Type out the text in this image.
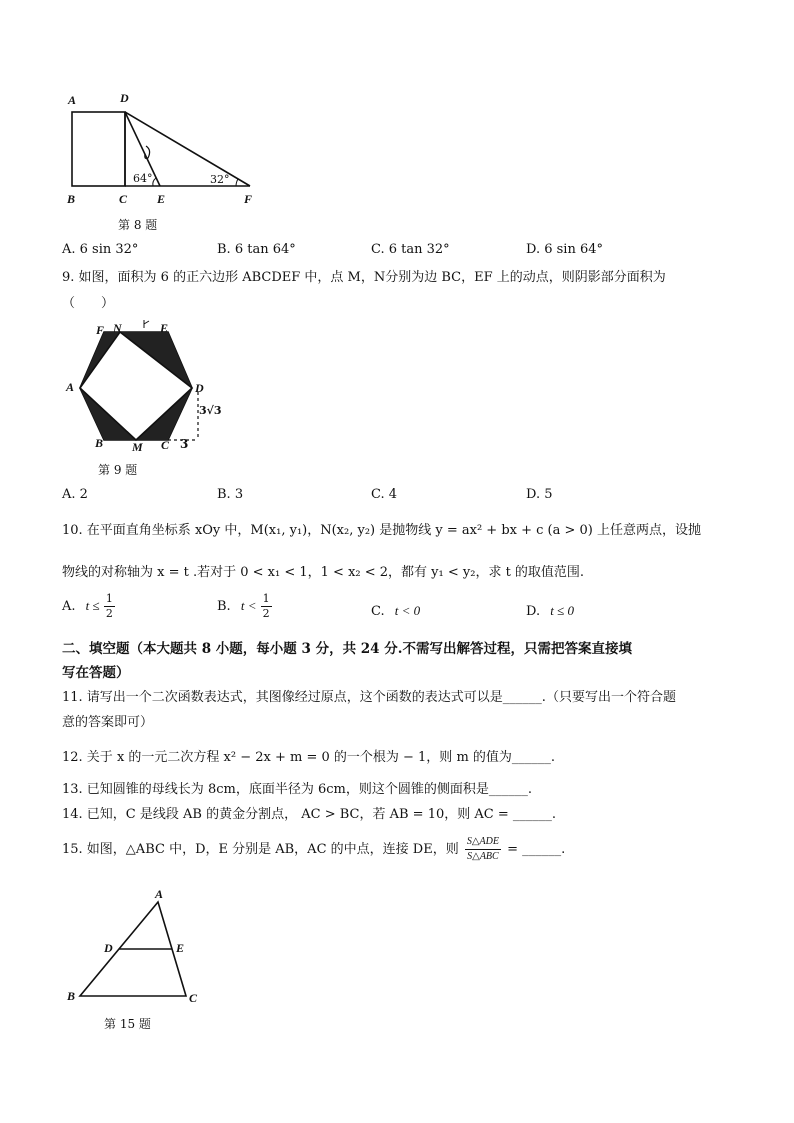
A	D
B	C E	F
64°	32°
第 8 题
A. 6 sin 32°	B. 6 tan 64°	C. 6 tan 32°	D. 6 sin 64°
9. 如图，面积为 6 的正六边形 ABCDEF 中，点 M，N分别为边 BC，EF 上的动点，则阴影部分面积为
（　　）
F N	E
A	D
B M C 3
3√3
第 9 题
A. 2	B. 3	C. 4	D. 5
10. 在平面直角坐标系 xOy 中，M(x₁, y₁)，N(x₂, y₂) 是抛物线 y = ax² + bx + c (a > 0) 上任意两点，设抛
物线的对称轴为 x = t .若对于 0 < x₁ < 1，1 < x₂ < 2，都有 y₁ < y₂，求 t 的取值范围.
A. $t \le \frac{1}{2}$	B. $t < \frac{1}{2}$	C. t < 0	D. t ≤ 0
二、填空题（本大题共 8 小题，每小题 3 分，共 24 分.不需写出解答过程，只需把答案直接填
写在答题）
11. 请写出一个二次函数表达式，其图像经过原点，这个函数的表达式可以是______.（只要写出一个符合题
意的答案即可）
12. 关于 x 的一元二次方程 x² − 2x + m = 0 的一个根为 − 1，则 m 的值为______.
13. 已知圆锥的母线长为 8cm，底面半径为 6cm，则这个圆锥的侧面积是______.
14. 已知，C 是线段 AB 的黄金分割点， AC > BC，若 AB = 10，则 AC = ______.
15. 如图，△ABC 中，D，E 分别是 AB，AC 的中点，连接 DE，则 $\frac{\text{S△ADE}}{\text{S△ABC}}$ = ______.
A
D	E
B	C
第 15 题
